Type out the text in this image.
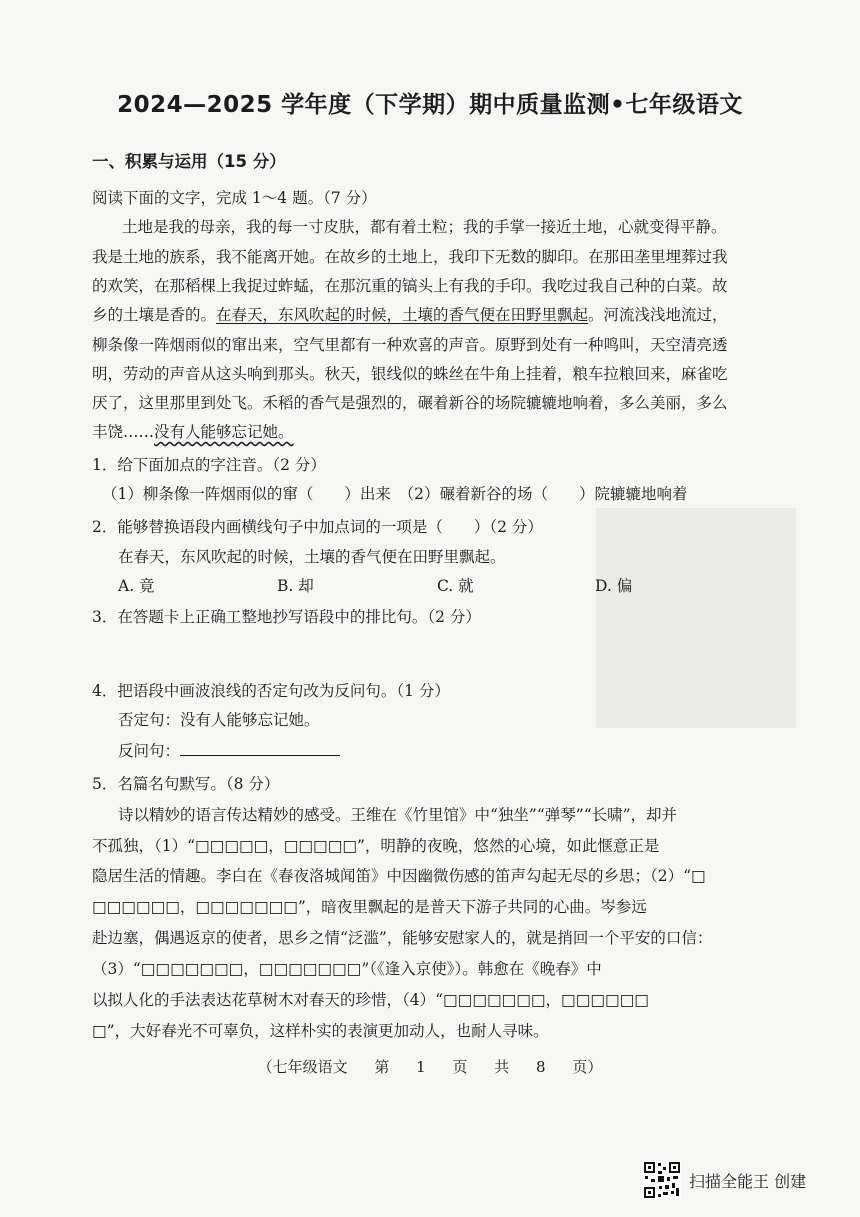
2024—2025 学年度（下学期）期中质量监测•七年级语文
一、积累与运用（15 分）
阅读下面的文字，完成 1～4 题。（7 分）
土地是我的母亲，我的每一寸皮肤，都有着土粒；我的手掌一接近土地，心就变得平静。
我是土地的族系，我不能离开她。在故乡的土地上，我印下无数的脚印。在那田垄里埋葬过我
的欢笑，在那稻棵上我捉过蚱蜢，在那沉重的镐头上有我的手印。我吃过我自己种的白菜。故
乡的土壤是香的。在春天，东风吹起的时候，土壤的香气便在田野里飘起。河流浅浅地流过，
柳条像一阵烟雨似的窜出来，空气里都有一种欢喜的声音。原野到处有一种鸣叫，天空清亮透
明，劳动的声音从这头响到那头。秋天，银线似的蛛丝在牛角上挂着，粮车拉粮回来，麻雀吃
厌了，这里那里到处飞。禾稻的香气是强烈的，碾着新谷的场院辘辘地响着，多么美丽，多么
丰饶……没有人能够忘记她。
1．给下面加点的字注音。（2 分）
（1）柳条像一阵烟雨似的窜（　　）出来　（2）碾着新谷的场（　　）院辘辘地响着
2．能够替换语段内画横线句子中加点词的一项是（　　）（2 分）
在春天，东风吹起的时候，土壤的香气便在田野里飘起。
A. 竟	B. 却	C. 就	D. 偏
3．在答题卡上正确工整地抄写语段中的排比句。（2 分）
4．把语段中画波浪线的否定句改为反问句。（1 分）
否定句：没有人能够忘记她。
反问句：
5．名篇名句默写。（8 分）
诗以精妙的语言传达精妙的感受。王维在《竹里馆》中“独坐”“弹琴”“长啸”，却并
不孤独，（1）“□□□□□，□□□□□”，明静的夜晚，悠然的心境，如此惬意正是
隐居生活的情趣。李白在《春夜洛城闻笛》中因幽微伤感的笛声勾起无尽的乡思；（2）“□
□□□□□□，□□□□□□□”，暗夜里飘起的是普天下游子共同的心曲。岑参远
赴边塞，偶遇返京的使者，思乡之情“泛滥”，能够安慰家人的，就是捎回一个平安的口信：
（3）“□□□□□□□，□□□□□□□”（《逢入京使》）。韩愈在《晚春》中
以拟人化的手法表达花草树木对春天的珍惜，（4）“□□□□□□□，□□□□□□
□”，大好春光不可辜负，这样朴实的表演更加动人，也耐人寻味。
（七年级语文 第 1 页 共 8 页）
扫描全能王 创建
